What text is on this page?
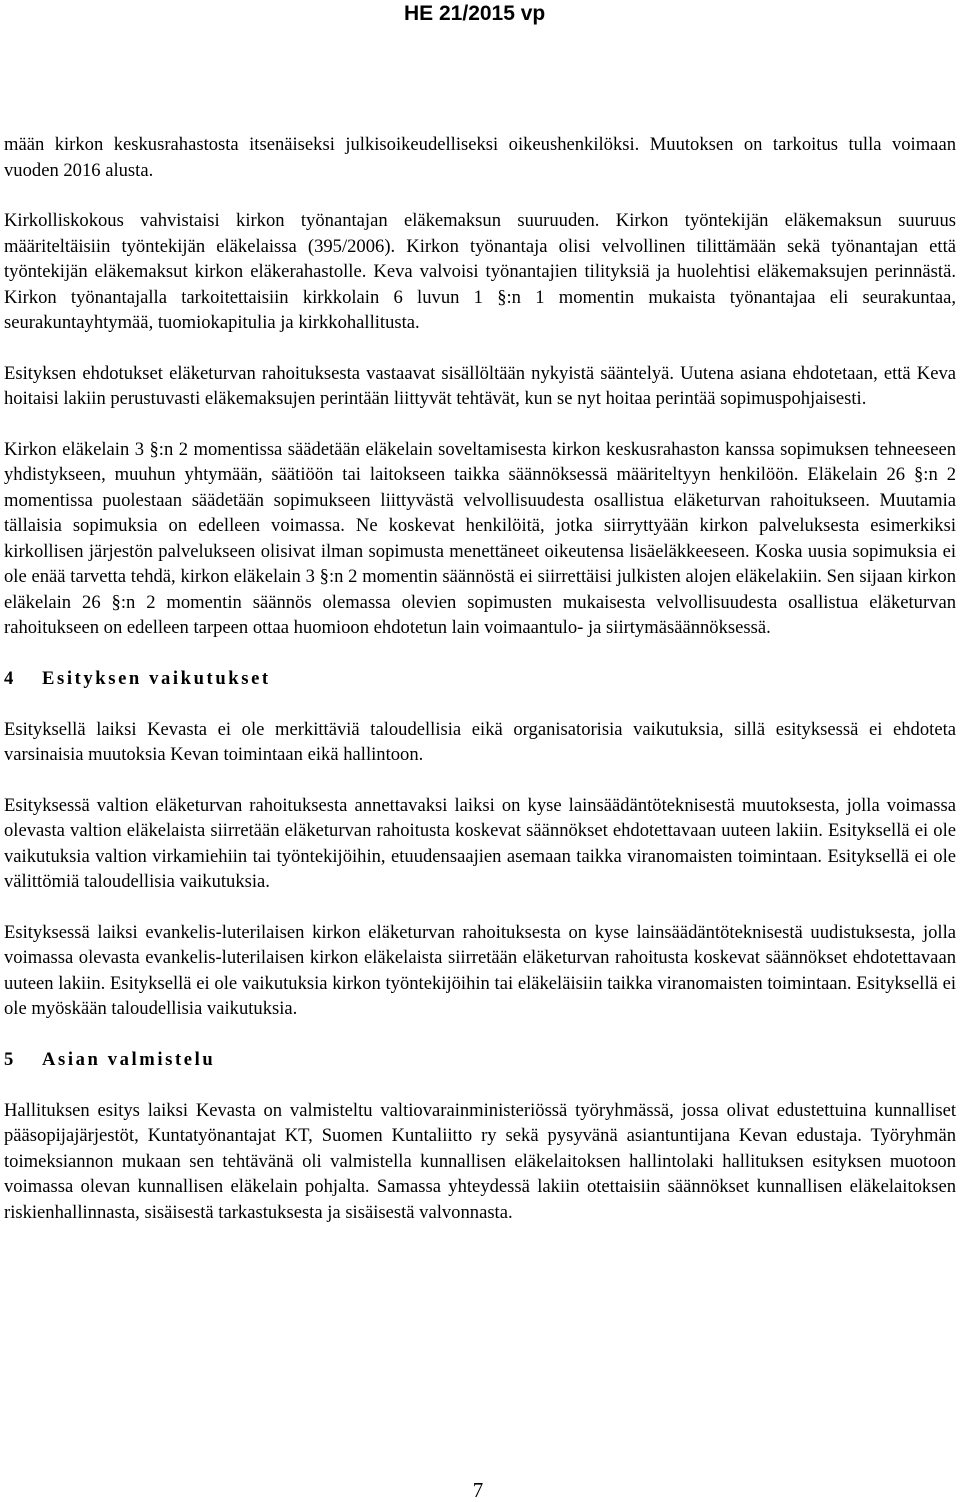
HE 21/2015 vp

mään kirkon keskusrahastosta itsenäiseksi julkisoikeudelliseksi oikeushenkilöksi. Muutoksen on tarkoitus tulla voimaan vuoden 2016 alusta.

Kirkolliskokous vahvistaisi kirkon työnantajan eläkemaksun suuruuden. Kirkon työntekijän eläkemaksun suuruus määriteltäisiin työntekijän eläkelaissa (395/2006). Kirkon työnantaja olisi velvollinen tilittämään sekä työnantajan että työntekijän eläkemaksut kirkon eläkerahastolle. Keva valvoisi työnantajien tilityksiä ja huolehtisi eläkemaksujen perinnästä. Kirkon työnantajalla tarkoitettaisiin kirkkolain 6 luvun 1 §:n 1 momentin mukaista työnantajaa eli seurakuntaa, seurakuntayhtymää, tuomiokapitulia ja kirkkohallitusta.

Esityksen ehdotukset eläketurvan rahoituksesta vastaavat sisällöltään nykyistä sääntelyä. Uutena asiana ehdotetaan, että Keva hoitaisi lakiin perustuvasti eläkemaksujen perintään liittyvät tehtävät, kun se nyt hoitaa perintää sopimuspohjaisesti.

Kirkon eläkelain 3 §:n 2 momentissa säädetään eläkelain soveltamisesta kirkon keskusrahaston kanssa sopimuksen tehneeseen yhdistykseen, muuhun yhtymään, säätiöön tai laitokseen taikka säännöksessä määriteltyyn henkilöön. Eläkelain 26 §:n 2 momentissa puolestaan säädetään sopimukseen liittyvästä velvollisuudesta osallistua eläketurvan rahoitukseen. Muutamia tällaisia sopimuksia on edelleen voimassa. Ne koskevat henkilöitä, jotka siirryttyään kirkon palveluksesta esimerkiksi kirkollisen järjestön palvelukseen olisivat ilman sopimusta menettäneet oikeutensa lisäeläkkeeseen. Koska uusia sopimuksia ei ole enää tarvetta tehdä, kirkon eläkelain 3 §:n 2 momentin säännöstä ei siirrettäisi julkisten alojen eläkelakiin. Sen sijaan kirkon eläkelain 26 §:n 2 momentin säännös olemassa olevien sopimusten mukaisesta velvollisuudesta osallistua eläketurvan rahoitukseen on edelleen tarpeen ottaa huomioon ehdotetun lain voimaantulo- ja siirtymäsäännöksessä.

4 Esityksen vaikutukset

Esityksellä laiksi Kevasta ei ole merkittäviä taloudellisia eikä organisatorisia vaikutuksia, sillä esityksessä ei ehdoteta varsinaisia muutoksia Kevan toimintaan eikä hallintoon.

Esityksessä valtion eläketurvan rahoituksesta annettavaksi laiksi on kyse lainsäädäntöteknisestä muutoksesta, jolla voimassa olevasta valtion eläkelaista siirretään eläketurvan rahoitusta koskevat säännökset ehdotettavaan uuteen lakiin. Esityksellä ei ole vaikutuksia valtion virkamiehiin tai työntekijöihin, etuudensaajien asemaan taikka viranomaisten toimintaan. Esityksellä ei ole välittömiä taloudellisia vaikutuksia.

Esityksessä laiksi evankelis-luterilaisen kirkon eläketurvan rahoituksesta on kyse lainsäädäntöteknisestä uudistuksesta, jolla voimassa olevasta evankelis-luterilaisen kirkon eläkelaista siirretään eläketurvan rahoitusta koskevat säännökset ehdotettavaan uuteen lakiin. Esityksellä ei ole vaikutuksia kirkon työntekijöihin tai eläkeläisiin taikka viranomaisten toimintaan. Esityksellä ei ole myöskään taloudellisia vaikutuksia.

5 Asian valmistelu

Hallituksen esitys laiksi Kevasta on valmisteltu valtiovarainministeriössä työryhmässä, jossa olivat edustettuina kunnalliset pääsopijajärjestöt, Kuntatyönantajat KT, Suomen Kuntaliitto ry sekä pysyvänä asiantuntijana Kevan edustaja. Työryhmän toimeksiannon mukaan sen tehtävänä oli valmistella kunnallisen eläkelaitoksen hallintolaki hallituksen esityksen muotoon voimassa olevan kunnallisen eläkelain pohjalta. Samassa yhteydessä lakiin otettaisiin säännökset kunnallisen eläkelaitoksen riskienhallinnasta, sisäisestä tarkastuksesta ja sisäisestä valvonnasta.

7
